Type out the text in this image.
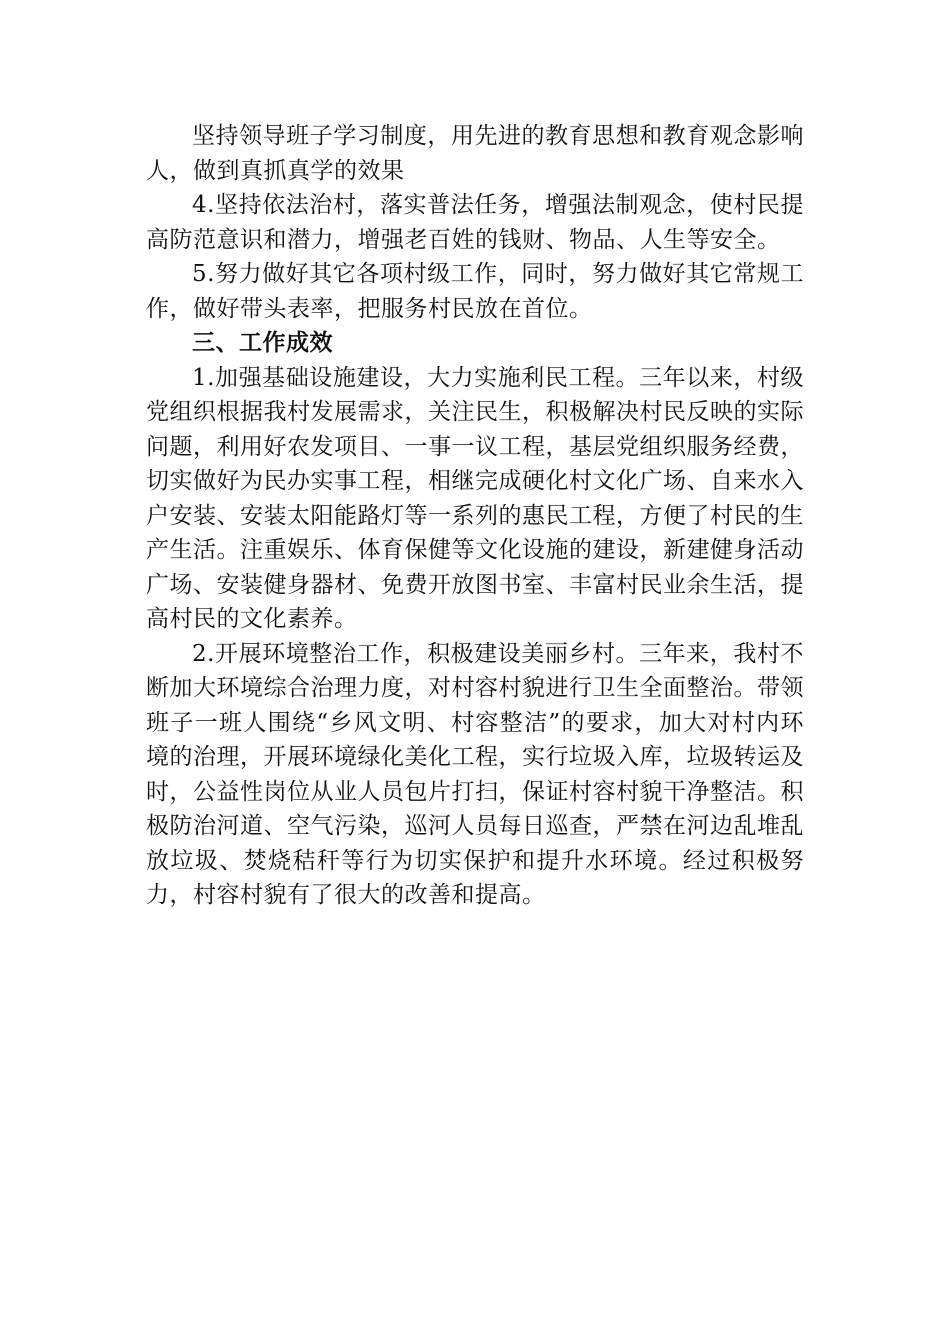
坚持领导班子学习制度，用先进的教育思想和教育观念影响人，做到真抓真学的效果

4.坚持依法治村，落实普法任务，增强法制观念，使村民提高防范意识和潜力，增强老百姓的钱财、物品、人生等安全。

5.努力做好其它各项村级工作，同时，努力做好其它常规工作，做好带头表率，把服务村民放在首位。

三、工作成效

1.加强基础设施建设，大力实施利民工程。三年以来，村级党组织根据我村发展需求，关注民生，积极解决村民反映的实际问题，利用好农发项目、一事一议工程，基层党组织服务经费，切实做好为民办实事工程，相继完成硬化村文化广场、自来水入户安装、安装太阳能路灯等一系列的惠民工程，方便了村民的生产生活。注重娱乐、体育保健等文化设施的建设，新建健身活动广场、安装健身器材、免费开放图书室、丰富村民业余生活，提高村民的文化素养。

2.开展环境整治工作，积极建设美丽乡村。三年来，我村不断加大环境综合治理力度，对村容村貌进行卫生全面整治。带领班子一班人围绕“乡风文明、村容整洁”的要求，加大对村内环境的治理，开展环境绿化美化工程，实行垃圾入库，垃圾转运及时，公益性岗位从业人员包片打扫，保证村容村貌干净整洁。积极防治河道、空气污染，巡河人员每日巡查，严禁在河边乱堆乱放垃圾、焚烧秸秆等行为切实保护和提升水环境。经过积极努力，村容村貌有了很大的改善和提高。
